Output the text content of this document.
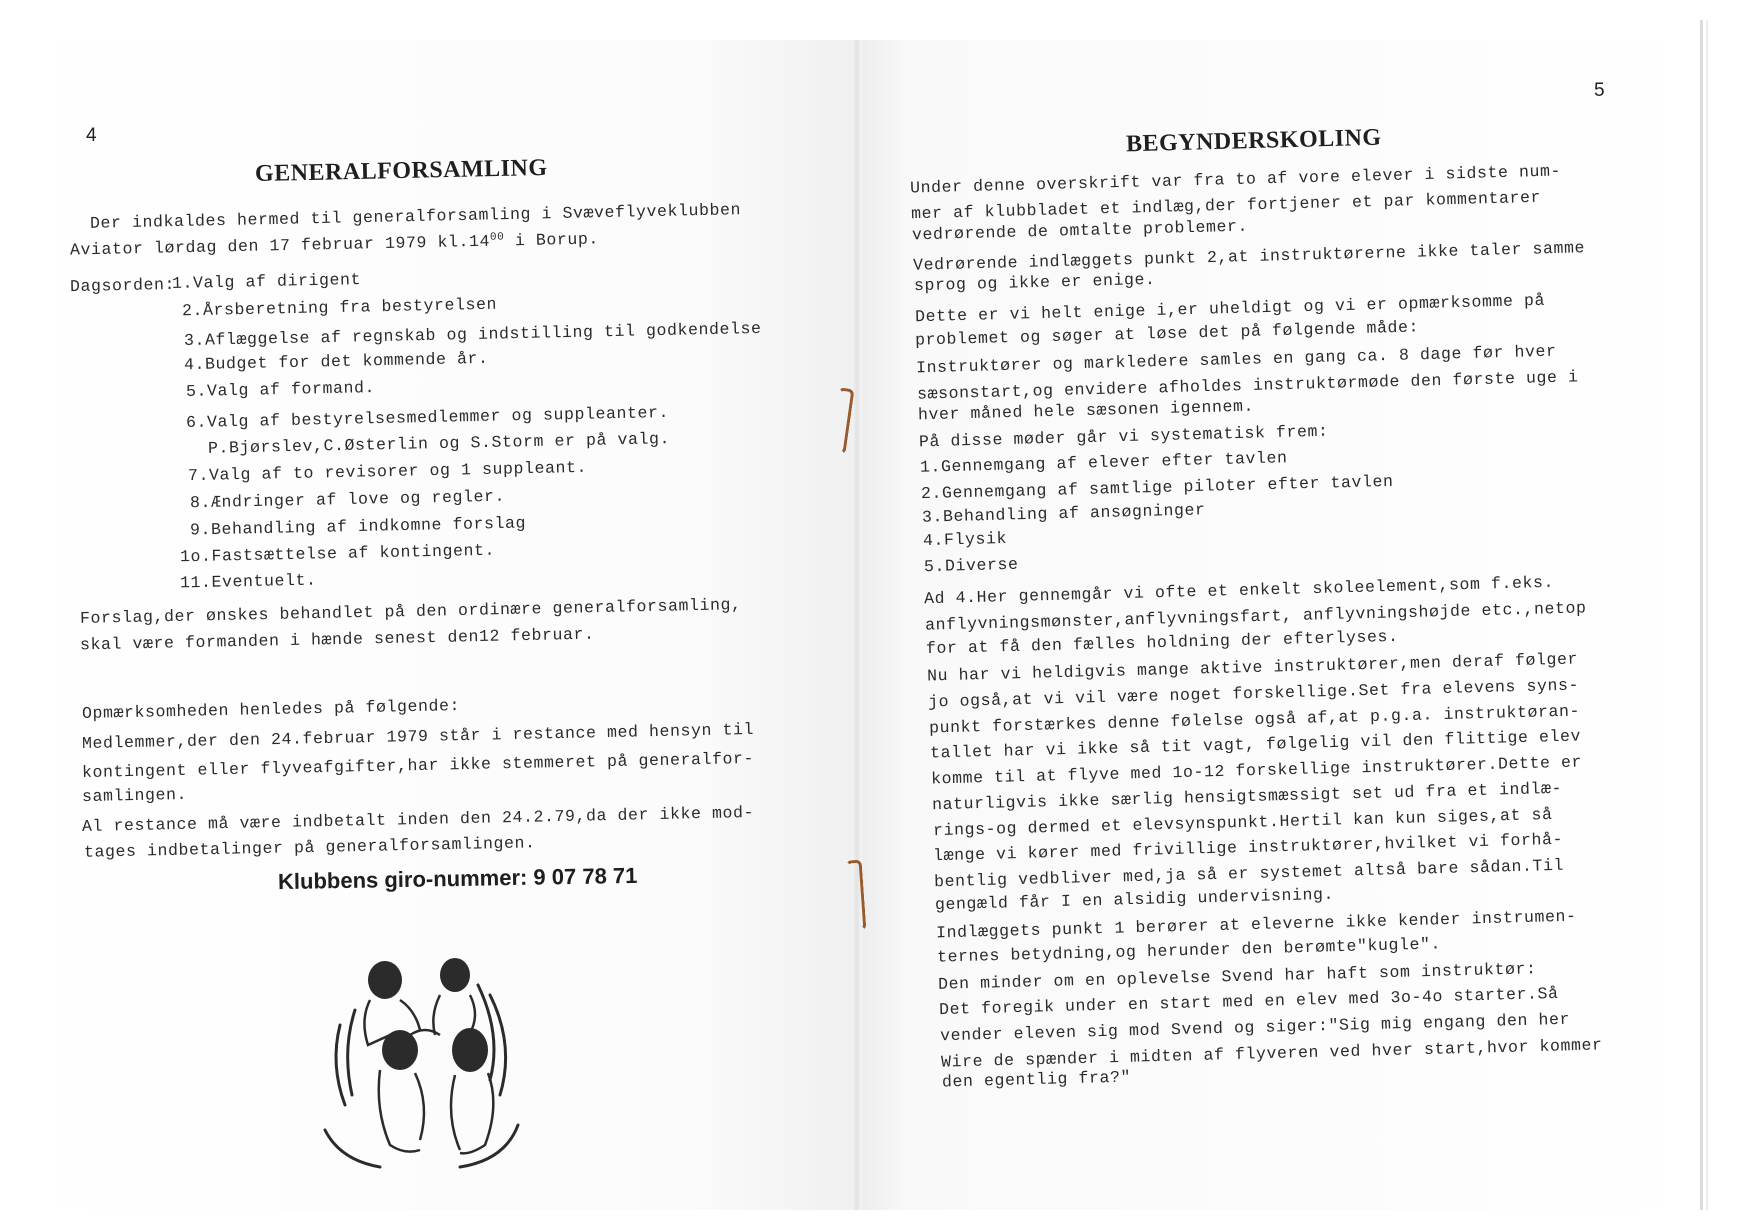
4
GENERALFORSAMLING
Der indkaldes hermed til generalforsamling i Svæveflyveklubben
Aviator lørdag den 17 februar 1979 $kl.14^{00}$ i Borup.
Dagsorden:
1.Valg af dirigent
2.Årsberetning fra bestyrelsen
3.Aflæggelse af regnskab og indstilling til godkendelse
4.Budget for det kommende år.
5.Valg af formand.
6.Valg af bestyrelsesmedlemmer og suppleanter.
P.Bjørslev,C.Østerlin og S.Storm er på valg.
7.Valg af to revisorer og 1 suppleant.
8.Ændringer af love og regler.
9.Behandling af indkomne forslag
1o.Fastsættelse af kontingent.
11.Eventuelt.
Forslag,der ønskes behandlet på den ordinære generalforsamling,
skal være formanden i hænde senest den12 februar.
Opmærksomheden henledes på følgende:
Medlemmer,der den 24.februar 1979 står i restance med hensyn til
kontingent eller flyveafgifter,har ikke stemmeret på generalfor-
samlingen.
Al restance må være indbetalt inden den 24.2.79,da der ikke mod-
tages indbetalinger på generalforsamlingen.
Klubbens giro-nummer: 9 07 78 71
5
BEGYNDERSKOLING
Under denne overskrift var fra to af vore elever i sidste num-
mer af klubbladet et indlæg,der fortjener et par kommentarer
vedrørende de omtalte problemer.
Vedrørende indlæggets punkt 2,at instruktørerne ikke taler samme
sprog og ikke er enige.
Dette er vi helt enige i,er uheldigt og vi er opmærksomme på
problemet og søger at løse det på følgende måde:
Instruktører og markledere samles en gang ca. 8 dage før hver
sæsonstart,og envidere afholdes instruktørmøde den første uge i
hver måned hele sæsonen igennem.
På disse møder går vi systematisk frem:
1.Gennemgang af elever efter tavlen
2.Gennemgang af samtlige piloter efter tavlen
3.Behandling af ansøgninger
4.Flysik
5.Diverse
Ad 4.Her gennemgår vi ofte et enkelt skoleelement,som f.eks.
anflyvningsmønster,anflyvningsfart, anflyvningshøjde etc.,netop
for at få den fælles holdning der efterlyses.
Nu har vi heldigvis mange aktive instruktører,men deraf følger
jo også,at vi vil være noget forskellige.Set fra elevens syns-
punkt forstærkes denne følelse også af,at p.g.a. instruktøran-
tallet har vi ikke så tit vagt, følgelig vil den flittige elev
komme til at flyve med 1o-12 forskellige instruktører.Dette er
naturligvis ikke særlig hensigtsmæssigt set ud fra et indlæ-
rings-og dermed et elevsynspunkt.Hertil kan kun siges,at så
længe vi kører med frivillige instruktører,hvilket vi forhå-
bentlig vedbliver med,ja så er systemet altså bare sådan.Til
gengæld får I en alsidig undervisning.
Indlæggets punkt 1 berører at eleverne ikke kender instrumen-
ternes betydning,og herunder den berømte"kugle".
Den minder om en oplevelse Svend har haft som instruktør:
Det foregik under en start med en elev med 3o-4o starter.Så
vender eleven sig mod Svend og siger:"Sig mig engang den her
Wire de spænder i midten af flyveren ved hver start,hvor kommer
den egentlig fra?"
